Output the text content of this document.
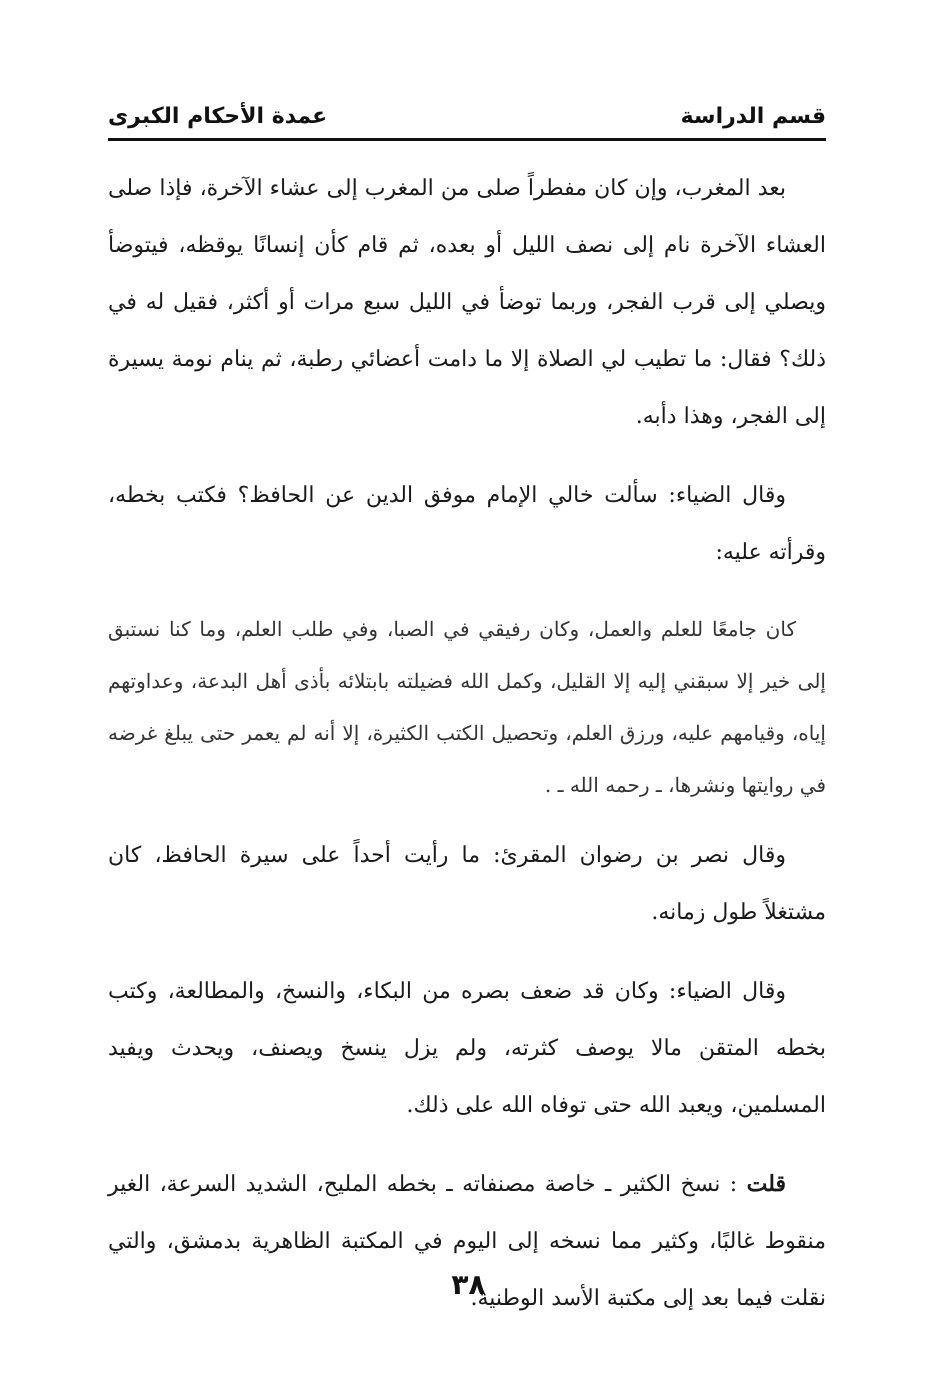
قسم الدراسة
عمدة الأحكام الكبرى

بعد المغرب، وإن كان مفطراً صلى من المغرب إلى عشاء الآخرة، فإذا صلى العشاء الآخرة نام إلى نصف الليل أو بعده، ثم قام كأن إنسانًا يوقظه، فيتوضأ ويصلي إلى قرب الفجر، وربما توضأ في الليل سبع مرات أو أكثر، فقيل له في ذلك؟ فقال: ما تطيب لي الصلاة إلا ما دامت أعضائي رطبة، ثم ينام نومة يسيرة إلى الفجر، وهذا دأبه.

وقال الضياء: سألت خالي الإمام موفق الدين عن الحافظ؟ فكتب بخطه، وقرأته عليه:

كان جامعًا للعلم والعمل، وكان رفيقي في الصبا، وفي طلب العلم، وما كنا نستبق إلى خير إلا سبقني إليه إلا القليل، وكمل الله فضيلته بابتلائه بأذى أهل البدعة، وعداوتهم إياه، وقيامهم عليه، ورزق العلم، وتحصيل الكتب الكثيرة، إلا أنه لم يعمر حتى يبلغ غرضه في روايتها ونشرها، ـ رحمه الله ـ .

وقال نصر بن رضوان المقرئ: ما رأيت أحداً على سيرة الحافظ، كان مشتغلاً طول زمانه.

وقال الضياء: وكان قد ضعف بصره من البكاء، والنسخ، والمطالعة، وكتب بخطه المتقن مالا يوصف كثرته، ولم يزل ينسخ ويصنف، ويحدث ويفيد المسلمين، ويعبد الله حتى توفاه الله على ذلك.

قلت : نسخ الكثير ـ خاصة مصنفاته ـ بخطه المليح، الشديد السرعة، الغير منقوط غالبًا، وكثير مما نسخه إلى اليوم في المكتبة الظاهرية بدمشق، والتي نقلت فيما بعد إلى مكتبة الأسد الوطنية.

٣٨
